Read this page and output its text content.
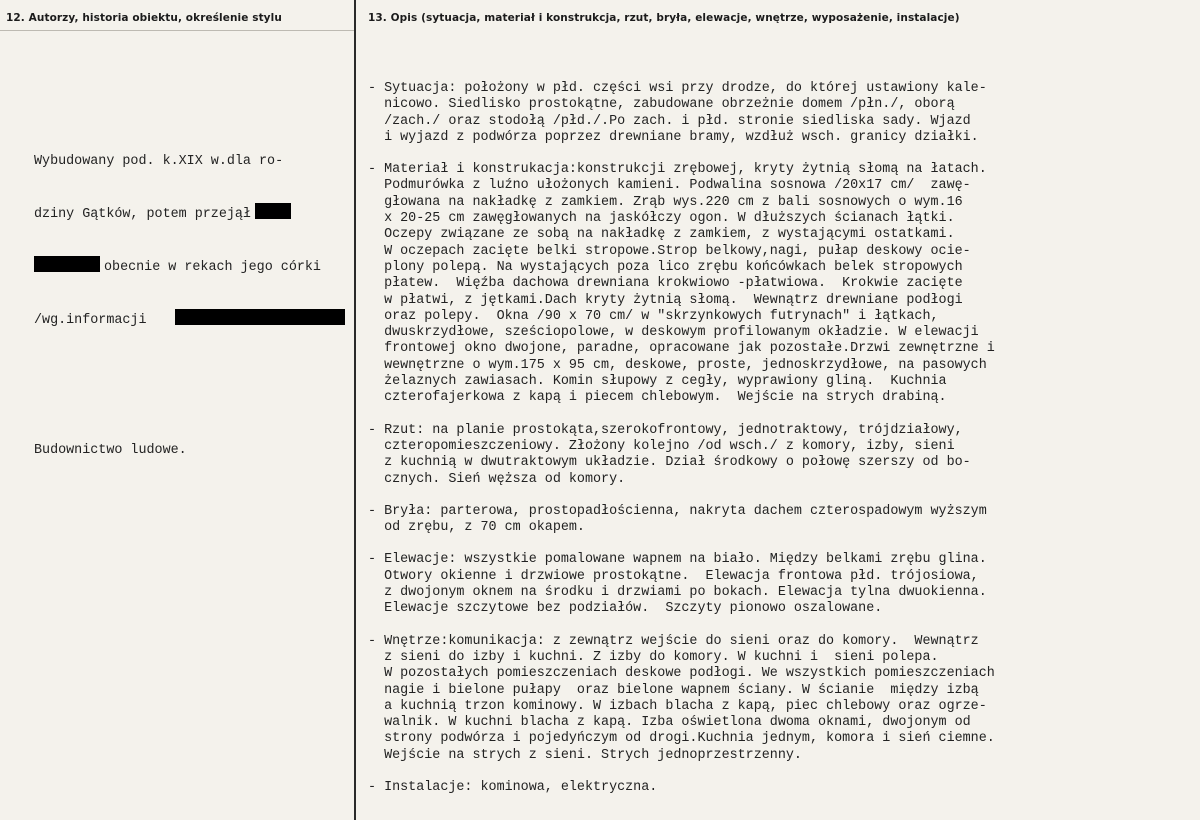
12. Autorzy, historia obiektu, określenie stylu	13. Opis (sytuacja, materiał i konstrukcja, rzut, bryła, elewacje, wnętrze, wyposażenie, instalacje)

Wybudowany pod. k.XIX w.dla ro-

dziny Gątków, potem przejął

obecnie w rekach jego córki

/wg.informacji

Budownictwo ludowe.

- Sytuacja: położony w płd. części wsi przy drodze, do której ustawiony kale-
nicowo. Siedlisko prostokątne, zabudowane obrzeżnie domem /płn./, oborą
/zach./ oraz stodołą /płd./.Po zach. i płd. stronie siedliska sady. Wjazd
i wyjazd z podwórza poprzez drewniane bramy, wzdłuż wsch. granicy działki.
- Materiał i konstrukacja:konstrukcji zrębowej, kryty żytnią słomą na łatach.
Podmurówka z luźno ułożonych kamieni. Podwalina sosnowa /20x17 cm/  zawę-
głowana na nakładkę z zamkiem. Zrąb wys.220 cm z bali sosnowych o wym.16
x 20-25 cm zawęgłowanych na jaskółczy ogon. W dłuższych ścianach łątki.
Oczepy związane ze sobą na nakładkę z zamkiem, z wystającymi ostatkami.
W oczepach zacięte belki stropowe.Strop belkowy,nagi, pułap deskowy ocie-
plony polepą. Na wystających poza lico zrębu końcówkach belek stropowych
płatew.  Więźba dachowa drewniana krokwiowo -płatwiowa.  Krokwie zacięte
w płatwi, z jętkami.Dach kryty żytnią słomą.  Wewnątrz drewniane podłogi
oraz polepy.  Okna /90 x 70 cm/ w "skrzynkowych futrynach" i łątkach,
dwuskrzydłowe, sześciopolowe, w deskowym profilowanym okładzie. W elewacji
frontowej okno dwojone, paradne, opracowane jak pozostałe.Drzwi zewnętrzne i
wewnętrzne o wym.175 x 95 cm, deskowe, proste, jednoskrzydłowe, na pasowych
żelaznych zawiasach. Komin słupowy z cegły, wyprawiony gliną.  Kuchnia
czterofajerkowa z kapą i piecem chlebowym.  Wejście na strych drabiną.
- Rzut: na planie prostokąta,szerokofrontowy, jednotraktowy, trójdziałowy,
czteropomieszczeniowy. Złożony kolejno /od wsch./ z komory, izby, sieni
z kuchnią w dwutraktowym układzie. Dział środkowy o połowę szerszy od bo-
cznych. Sień węższa od komory.
- Bryła: parterowa, prostopadłościenna, nakryta dachem czterospadowym wyższym
od zrębu, z 70 cm okapem.
- Elewacje: wszystkie pomalowane wapnem na biało. Między belkami zrębu glina.
Otwory okienne i drzwiowe prostokątne.  Elewacja frontowa płd. trójosiowa,
z dwojonym oknem na środku i drzwiami po bokach. Elewacja tylna dwuokienna.
Elewacje szczytowe bez podziałów.  Szczyty pionowo oszalowane.
- Wnętrze:komunikacja: z zewnątrz wejście do sieni oraz do komory.  Wewnątrz
z sieni do izby i kuchni. Z izby do komory. W kuchni i  sieni polepa.
W pozostałych pomieszczeniach deskowe podłogi. We wszystkich pomieszczeniach
nagie i bielone pułapy  oraz bielone wapnem ściany. W ścianie  między izbą
a kuchnią trzon kominowy. W izbach blacha z kapą, piec chlebowy oraz ogrze-
walnik. W kuchni blacha z kapą. Izba oświetlona dwoma oknami, dwojonym od
strony podwórza i pojedyńczym od drogi.Kuchnia jednym, komora i sień ciemne.
Wejście na strych z sieni. Strych jednoprzestrzenny.
- Instalacje: kominowa, elektryczna.
